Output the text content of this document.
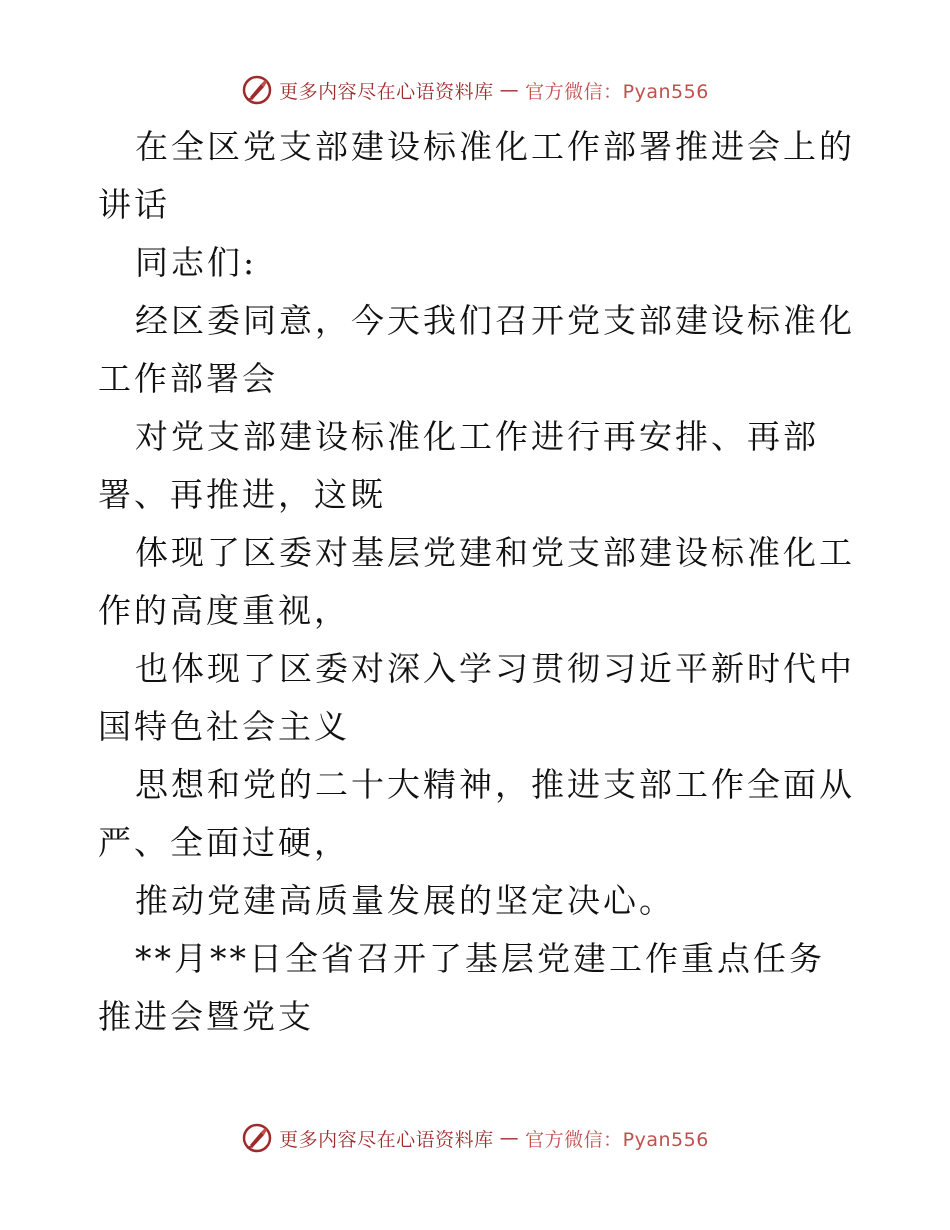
更多内容尽在心语资料库 — 官方微信：Pyan556

在全区党支部建设标准化工作部署推进会上的讲话

同志们:

经区委同意，今天我们召开党支部建设标准化工作部署会

对党支部建设标准化工作进行再安排、再部署、再推进，这既

体现了区委对基层党建和党支部建设标准化工作的高度重视，

也体现了区委对深入学习贯彻习近平新时代中国特色社会主义

思想和党的二十大精神，推进支部工作全面从严、全面过硬，

推动党建高质量发展的坚定决心。

**月**日全省召开了基层党建工作重点任务推进会暨党支

更多内容尽在心语资料库 — 官方微信：Pyan556
